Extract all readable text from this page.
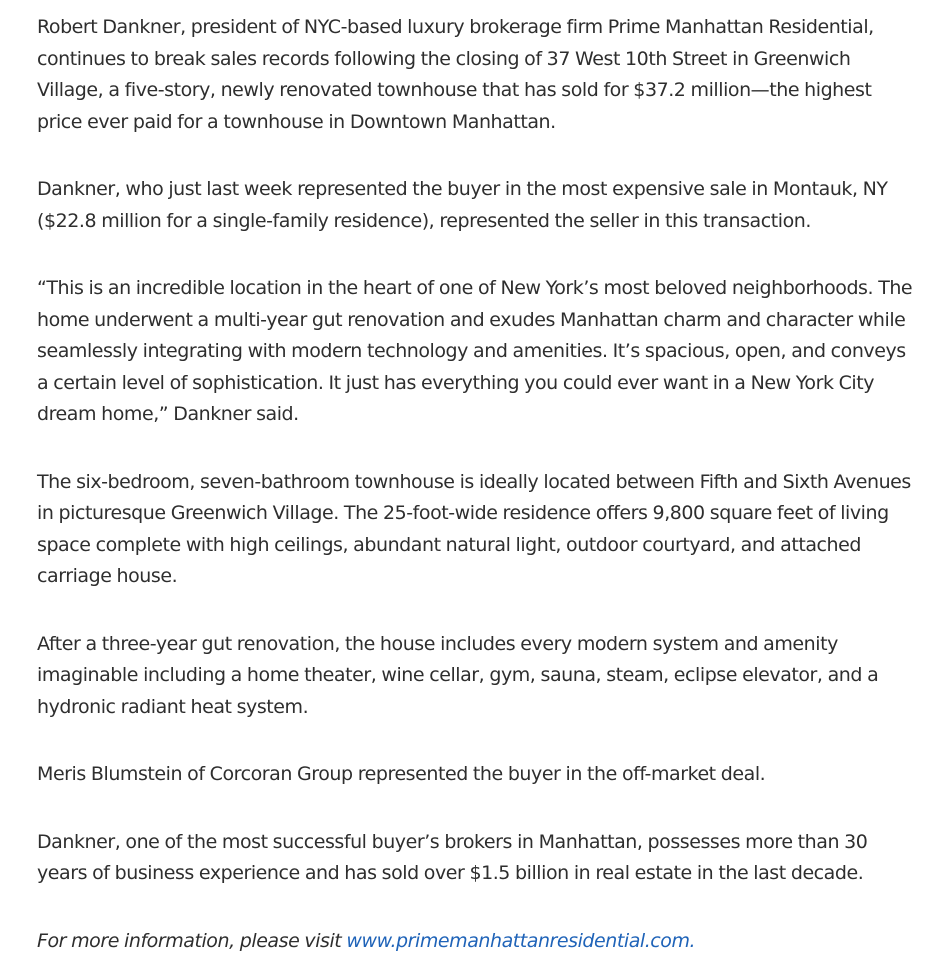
Robert Dankner, president of NYC-based luxury brokerage firm Prime Manhattan Residential, continues to break sales records following the closing of 37 West 10th Street in Greenwich Village, a five-story, newly renovated townhouse that has sold for $37.2 million—the highest price ever paid for a townhouse in Downtown Manhattan.

Dankner, who just last week represented the buyer in the most expensive sale in Montauk, NY ($22.8 million for a single-family residence), represented the seller in this transaction.

“This is an incredible location in the heart of one of New York’s most beloved neighborhoods. The home underwent a multi-year gut renovation and exudes Manhattan charm and character while seamlessly integrating with modern technology and amenities. It’s spacious, open, and conveys a certain level of sophistication. It just has everything you could ever want in a New York City dream home,” Dankner said.

The six-bedroom, seven-bathroom townhouse is ideally located between Fifth and Sixth Avenues in picturesque Greenwich Village. The 25-foot-wide residence offers 9,800 square feet of living space complete with high ceilings, abundant natural light, outdoor courtyard, and attached carriage house.

After a three-year gut renovation, the house includes every modern system and amenity imaginable including a home theater, wine cellar, gym, sauna, steam, eclipse elevator, and a hydronic radiant heat system.

Meris Blumstein of Corcoran Group represented the buyer in the off-market deal.

Dankner, one of the most successful buyer’s brokers in Manhattan, possesses more than 30 years of business experience and has sold over $1.5 billion in real estate in the last decade.

For more information, please visit www.primemanhattanresidential.com.
